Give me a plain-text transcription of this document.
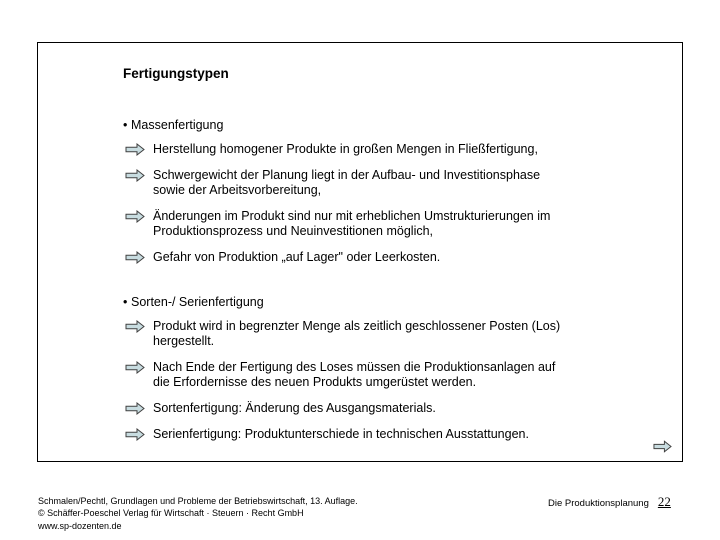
Fertigungstypen
• Massenfertigung
Herstellung homogener Produkte in großen Mengen in Fließfertigung,
Schwergewicht der Planung liegt in der Aufbau- und Investitionsphase
sowie der Arbeitsvorbereitung,
Änderungen im Produkt sind nur mit erheblichen Umstrukturierungen im
Produktionsprozess und Neuinvestitionen möglich,
Gefahr von Produktion „auf Lager" oder Leerkosten.
• Sorten-/ Serienfertigung
Produkt wird in begrenzter Menge als zeitlich geschlossener Posten (Los)
hergestellt.
Nach Ende der Fertigung des Loses müssen die Produktionsanlagen auf
die Erfordernisse des neuen Produkts umgerüstet werden.
Sortenfertigung: Änderung des Ausgangsmaterials.
Serienfertigung: Produktunterschiede in technischen Ausstattungen.
Schmalen/Pechtl, Grundlagen und Probleme der Betriebswirtschaft, 13. Auflage.
© Schäffer-Poeschel Verlag für Wirtschaft · Steuern · Recht GmbH
www.sp-dozenten.de
Die Produktionsplanung 22
